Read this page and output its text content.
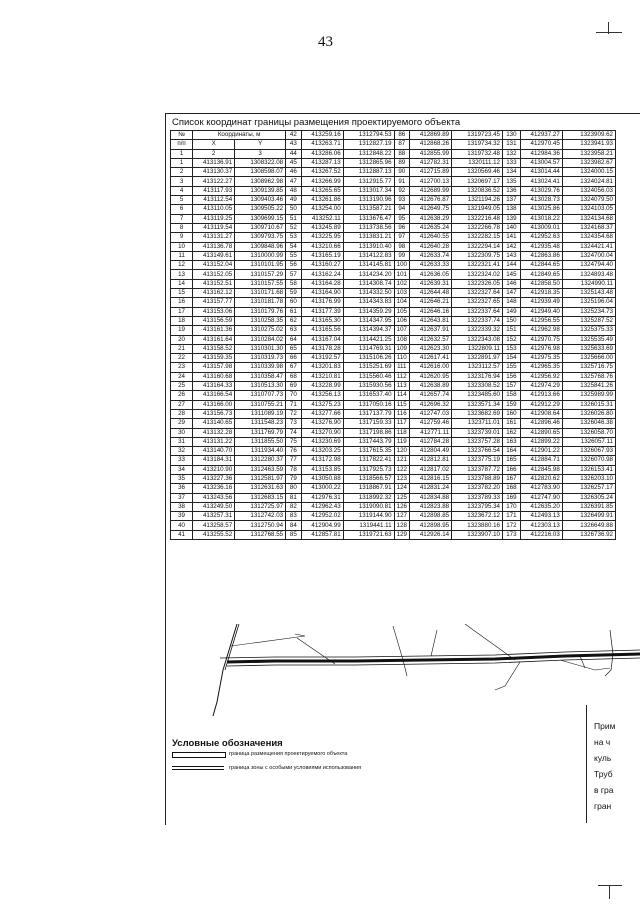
43
Список координат границы размещения проектируемого объекта
№	Координаты, м		42	413259.16	1312794.53	86	412869.89	1319723.45	130	412937.27	1323909.62
п/п	X	Y	43	413263.71	1312827.19	87	412868.26	1319734.32	131	412970.45	1323941.93
1	2	3	44	413286.06	1312848.22	88	412855.99	1319732.48	132	412984.36	1323958.21
1	413136.91	1308322.08	45	413287.13	1312865.96	89	412782.31	1320111.12	133	413004.57	1323982.67
2	413130.37	1308598.07	46	413267.52	1312887.13	90	412715.89	1320569.46	134	413014.44	1324000.15
3	413122.27	1308962.98	47	413266.99	1312915.77	91	412700.13	1320697.17	135	413024.41	1324024.81
4	413117.93	1309139.85	48	413265.65	1313017.34	92	412689.99	1320836.52	136	413029.76	1324056.03
5	413112.54	1309403.46	49	413261.86	1313190.96	93	412676.87	1321194.26	137	413028.73	1324079.50
6	413110.05	1309505.22	50	413254.00	1313587.21	94	412649.75	1321949.05	138	413025.86	1324103.05
7	413119.25	1309699.15	51	413252.11	1313676.47	95	412638.29	1322216.48	139	413018.22	1324134.68
8	413119.54	1309710.67	52	413245.89	1313738.56	96	412635.24	1322266.78	140	413009.01	1324168.37
9	413131.27	1309793.75	53	413225.95	1313831.21	97	412640.55	1322282.15	141	412952.63	1324354.68
10	413136.78	1309848.96	54	413210.66	1313910.40	98	412640.28	1322294.14	142	412935.48	1324421.41
11	413149.61	1310000.99	55	413165.19	1314122.83	99	412633.74	1322309.75	143	412863.86	1324700.04
12	413152.04	1310101.95	56	413160.27	1314145.81	100	412633.33	1322321.41	144	412844.65	1324794.40
13	413152.05	1310157.29	57	413162.24	1314234.20	101	412636.05	1322324.02	145	412849.65	1324893.48
14	413152.51	1310157.55	58	413164.28	1314308.74	102	412639.31	1322326.05	146	412858.50	1324990.11
15	413162.12	1310171.68	59	413164.90	1314332.50	103	412644.48	1322327.64	147	412918.35	1325143.48
16	413157.77	1310181.78	60	413176.99	1314343.83	104	412646.21	1322327.65	148	412939.49	1325196.04
17	413153.06	1310179.76	61	413177.39	1314359.29	105	412646.16	1322337.64	149	412949.40	1325234.73
18	413156.59	1310258.35	62	413165.30	1314347.95	106	412643.81	1322337.74	150	412956.55	1325287.52
19	413161.36	1310275.02	63	413165.56	1314394.37	107	412637.91	1322339.32	151	412962.98	1325375.33
20	413161.64	1310284.02	64	413167.04	1314421.25	108	412632.57	1322343.08	152	412970.75	1325535.49
21	413158.52	1310301.30	65	413178.28	1314769.31	109	412623.30	1322809.11	153	412976.98	1325633.69
22	413159.35	1310319.73	66	413192.57	1315106.26	110	412617.41	1322891.97	154	412975.35	1325666.00
23	413157.98	1310339.98	67	413201.83	1315251.69	111	412616.00	1323112.57	155	412965.35	1325716.75
24	413160.68	1310358.47	68	413210.81	1315560.46	112	412620.95	1323176.94	156	412956.92	1325768.76
25	413164.33	1310513.30	69	413228.99	1315930.56	113	412638.89	1323308.52	157	412974.29	1325841.26
26	413166.54	1310707.73	70	413256.13	1316537.40	114	412657.74	1323485.60	158	412913.66	1325989.99
27	413166.00	1310755.21	71	413275.23	1317050.16	115	412696.32	1323571.34	159	412912.29	1326015.31
28	413156.73	1311089.19	72	413277.66	1317137.79	116	412747.03	1323682.69	160	412908.64	1326026.80
29	413140.65	1311548.23	73	413276.90	1317159.33	117	412759.46	1323711.01	161	412896.46	1326046.38
30	413132.28	1311769.79	74	413270.90	1317198.86	118	412771.11	1323739.01	162	412890.65	1326058.70
31	413131.22	1311855.50	75	413230.69	1317443.79	119	412784.28	1323757.28	163	412899.22	1326057.11
32	413140.70	1311934.40	76	413203.25	1317615.35	120	412804.49	1323766.54	164	412901.22	1326067.93
33	413184.31	1312280.37	77	413172.98	1317822.41	121	412812.81	1323775.19	165	412884.71	1326070.98
34	413210.90	1312463.59	78	413153.85	1317925.73	122	412817.02	1323787.72	166	412845.98	1326153.41
35	413227.36	1312581.97	79	413050.88	1318566.57	123	412816.15	1323788.89	167	412820.62	1326203.10
36	413236.16	1312631.63	80	413000.22	1318867.91	124	412831.24	1323782.20	168	412783.90	1326257.17
37	413243.56	1312683.15	81	412976.31	1318992.32	125	412834.88	1323789.33	169	412747.90	1326305.24
38	413249.50	1312725.97	82	412962.43	1319090.81	126	412823.88	1323795.34	170	412635.20	1326391.85
39	413257.31	1312742.03	83	412952.02	1319144.90	127	412898.85	1323672.12	171	412493.13	1326499.91
40	413258.57	1312750.94	84	412904.99	1319441.11	128	412898.95	1323880.16	172	412303.13	1326649.88
41	413255.52	1312768.55	85	412857.81	1319721.63	129	412926.14	1323907.10	173	412216.03	1326736.92
Условные обозначения
граница размещения проектируемого объекта
граница зоны с особыми условиями использования
Прим
на ч
куль
Труб
в гра
гран
